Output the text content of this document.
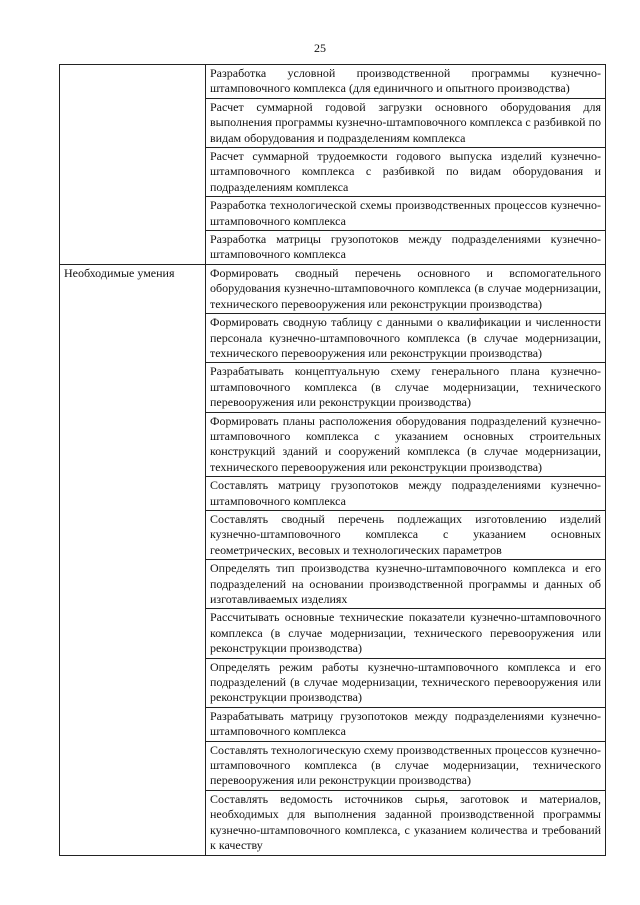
25
	Разработка условной производственной программы кузнечно-штамповочного комплекса (для единичного и опытного производства)
	Расчет суммарной годовой загрузки основного оборудования для выполнения программы кузнечно-штамповочного комплекса с разбивкой по видам оборудования и подразделениям комплекса
	Расчет суммарной трудоемкости годового выпуска изделий кузнечно-штамповочного комплекса с разбивкой по видам оборудования и подразделениям комплекса
	Разработка технологической схемы производственных процессов кузнечно-штамповочного комплекса
	Разработка матрицы грузопотоков между подразделениями кузнечно-штамповочного комплекса
Необходимые умения	Формировать сводный перечень основного и вспомогательного оборудования кузнечно-штамповочного комплекса (в случае модернизации, технического перевооружения или реконструкции производства)
	Формировать сводную таблицу с данными о квалификации и численности персонала кузнечно-штамповочного комплекса (в случае модернизации, технического перевооружения или реконструкции производства)
	Разрабатывать концептуальную схему генерального плана кузнечно-штамповочного комплекса (в случае модернизации, технического перевооружения или реконструкции производства)
	Формировать планы расположения оборудования подразделений кузнечно-штамповочного комплекса с указанием основных строительных конструкций зданий и сооружений комплекса (в случае модернизации, технического перевооружения или реконструкции производства)
	Составлять матрицу грузопотоков между подразделениями кузнечно-штамповочного комплекса
	Составлять сводный перечень подлежащих изготовлению изделий кузнечно-штамповочного комплекса с указанием основных геометрических, весовых и технологических параметров
	Определять тип производства кузнечно-штамповочного комплекса и его подразделений на основании производственной программы и данных об изготавливаемых изделиях
	Рассчитывать основные технические показатели кузнечно-штамповочного комплекса (в случае модернизации, технического перевооружения или реконструкции производства)
	Определять режим работы кузнечно-штамповочного комплекса и его подразделений (в случае модернизации, технического перевооружения или реконструкции производства)
	Разрабатывать матрицу грузопотоков между подразделениями кузнечно-штамповочного комплекса
	Составлять технологическую схему производственных процессов кузнечно-штамповочного комплекса (в случае модернизации, технического перевооружения или реконструкции производства)
	Составлять ведомость источников сырья, заготовок и материалов, необходимых для выполнения заданной производственной программы кузнечно-штамповочного комплекса, с указанием количества и требований к качеству
